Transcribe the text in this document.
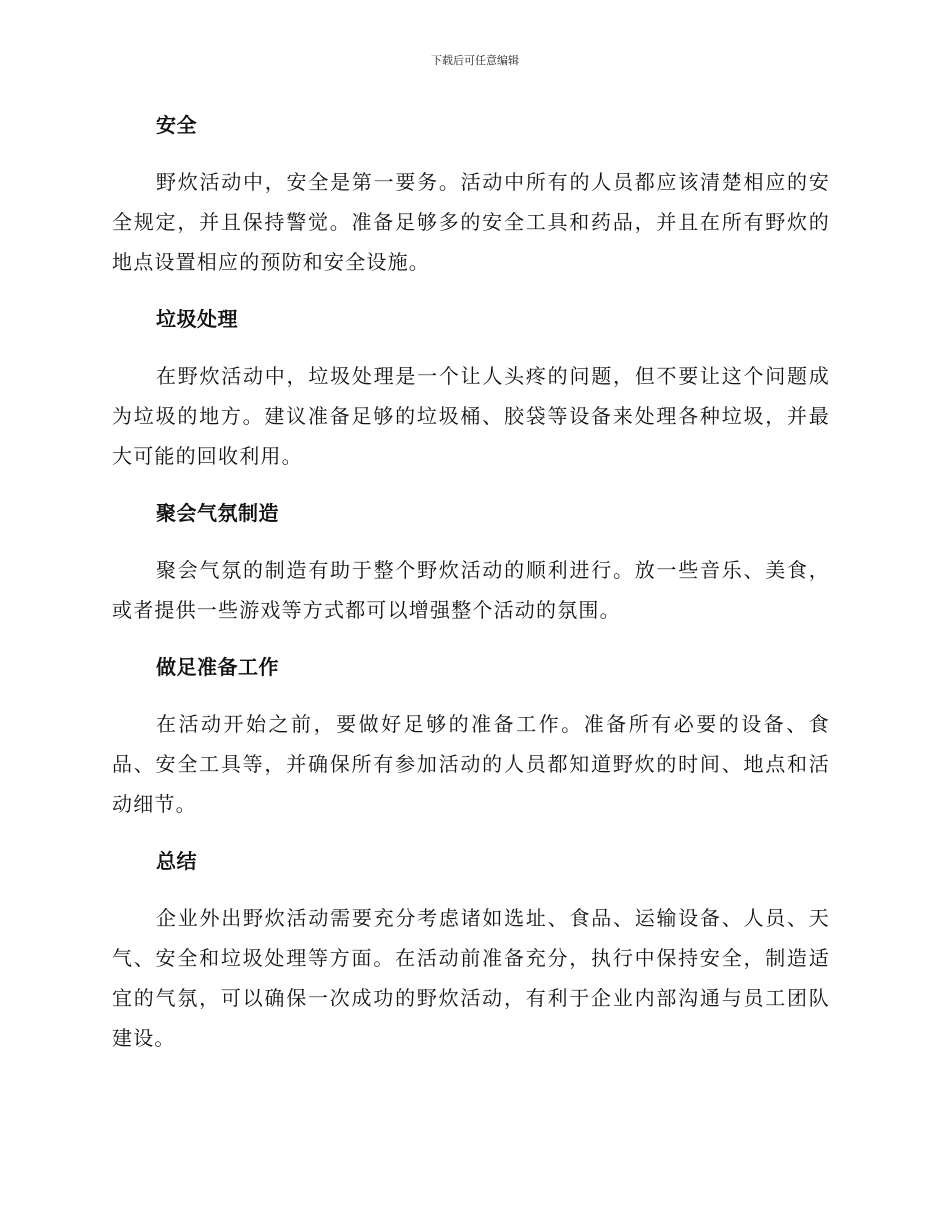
下载后可任意编辑
安全

野炊活动中，安全是第一要务。活动中所有的人员都应该清楚相应的安全规定，并且保持警觉。准备足够多的安全工具和药品，并且在所有野炊的地点设置相应的预防和安全设施。

垃圾处理

在野炊活动中，垃圾处理是一个让人头疼的问题，但不要让这个问题成为垃圾的地方。建议准备足够的垃圾桶、胶袋等设备来处理各种垃圾，并最大可能的回收利用。

聚会气氛制造

聚会气氛的制造有助于整个野炊活动的顺利进行。放一些音乐、美食，或者提供一些游戏等方式都可以增强整个活动的氛围。

做足准备工作

在活动开始之前，要做好足够的准备工作。准备所有必要的设备、食品、安全工具等，并确保所有参加活动的人员都知道野炊的时间、地点和活动细节。

总结

企业外出野炊活动需要充分考虑诸如选址、食品、运输设备、人员、天气、安全和垃圾处理等方面。在活动前准备充分，执行中保持安全，制造适宜的气氛，可以确保一次成功的野炊活动，有利于企业内部沟通与员工团队建设。
